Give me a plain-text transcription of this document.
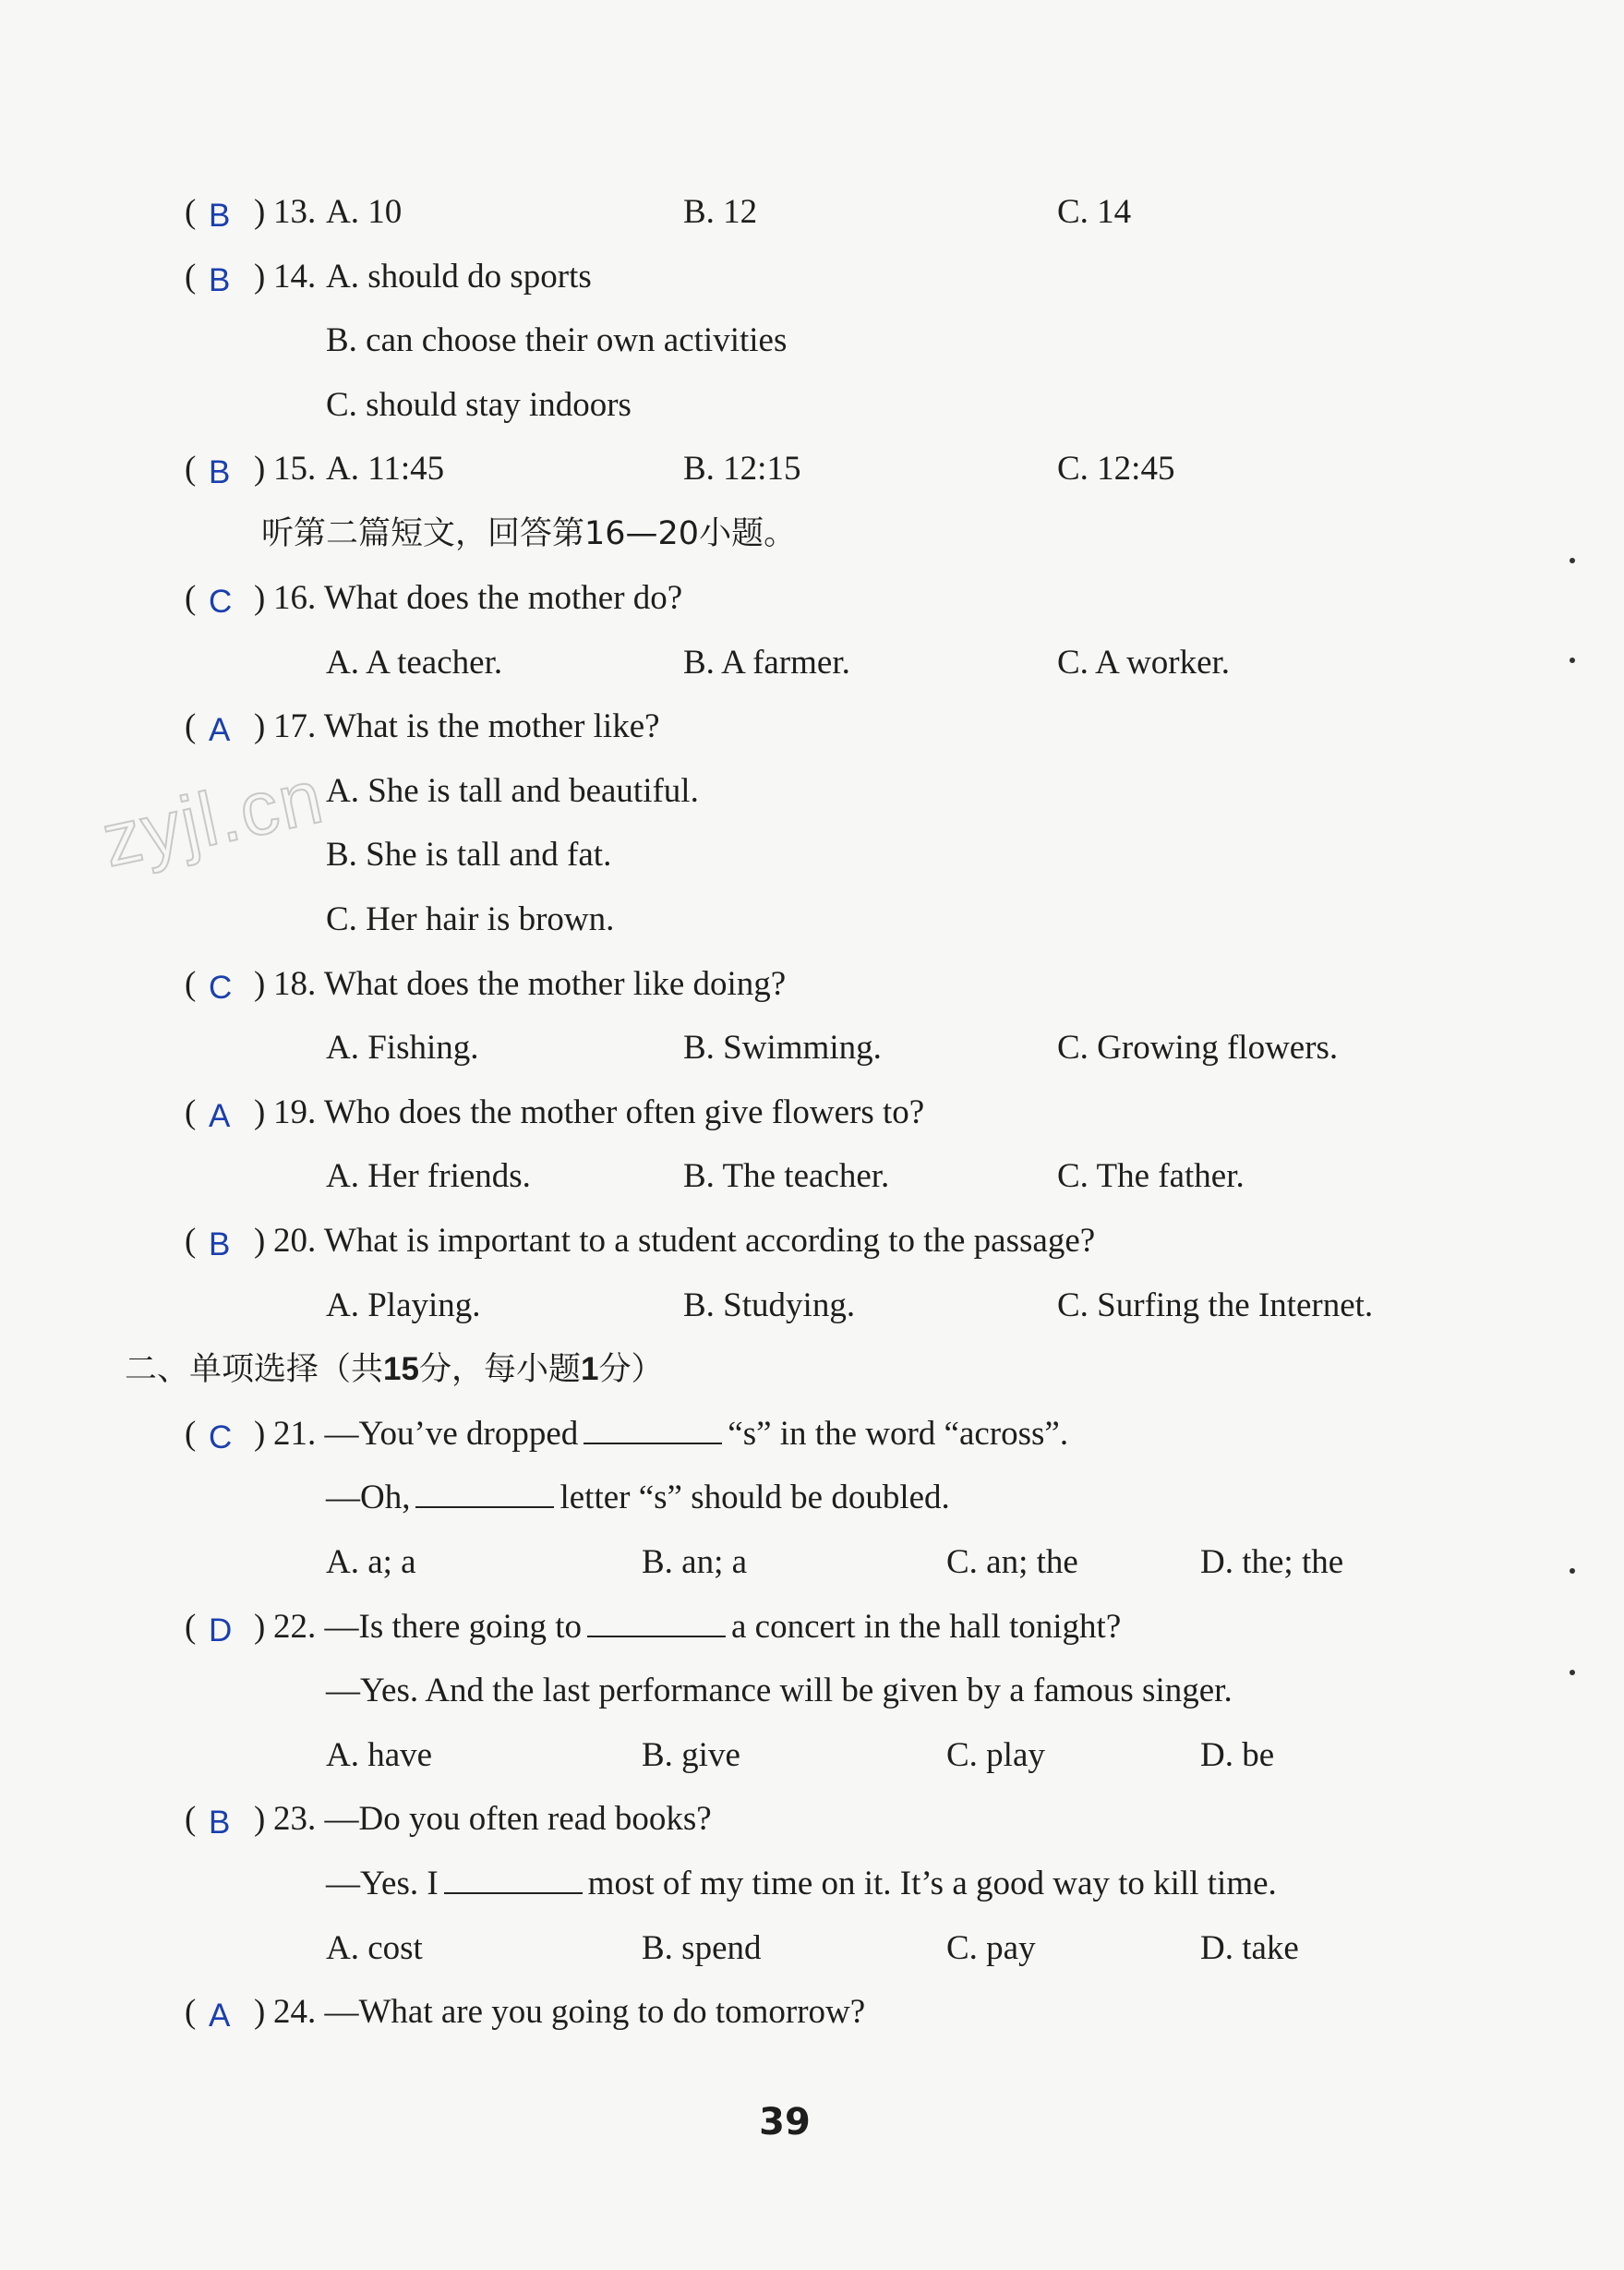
zyjl.cn
( B ) 13. A. 10	B. 12	C. 14
( B ) 14. A. should do sports
B. can choose their own activities
C. should stay indoors
( B ) 15. A. 11:45	B. 12:15	C. 12:45
听第二篇短文，回答第16—20小题。
( C ) 16. What does the mother do?
A. A teacher.	B. A farmer.	C. A worker.
( A ) 17. What is the mother like?
A. She is tall and beautiful.
B. She is tall and fat.
C. Her hair is brown.
( C ) 18. What does the mother like doing?
A. Fishing.	B. Swimming.	C. Growing flowers.
( A ) 19. Who does the mother often give flowers to?
A. Her friends.	B. The teacher.	C. The father.
( B ) 20. What is important to a student according to the passage?
A. Playing.	B. Studying.	C. Surfing the Internet.
二、单项选择（共15分，每小题1分）
( C ) 21. —You’ve dropped	“s” in the word “across”.
—Oh,	letter “s” should be doubled.
A. a; a	B. an; a	C. an; the	D. the; the
( D ) 22. —Is there going to	a concert in the hall tonight?
—Yes. And the last performance will be given by a famous singer.
A. have	B. give	C. play	D. be
( B ) 23. —Do you often read books?
—Yes. I	most of my time on it. It’s a good way to kill time.
A. cost	B. spend	C. pay	D. take
( A ) 24. —What are you going to do tomorrow?
39
